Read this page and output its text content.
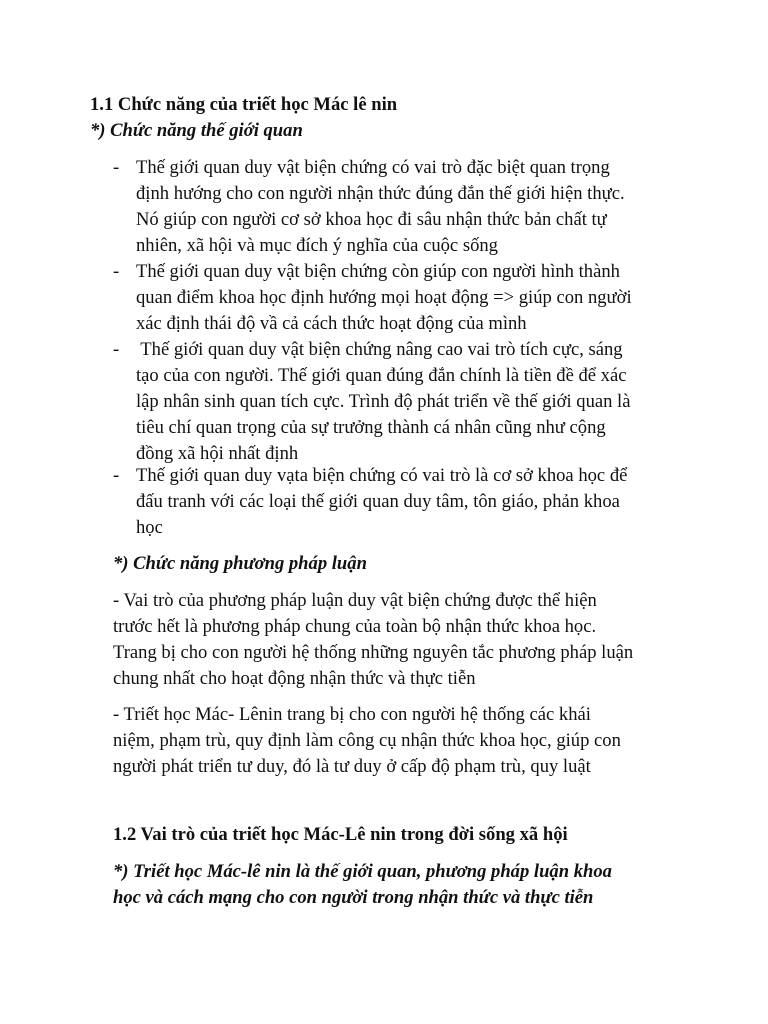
1.1 Chức năng của triết học Mác lê nin
*) Chức năng thế giới quan
- Thế giới quan duy vật biện chứng có vai trò đặc biệt quan trọng
định hướng cho con người nhận thức đúng đắn thế giới hiện thực.
Nó giúp con người cơ sở khoa học đi sâu nhận thức bản chất tự
nhiên, xã hội và mục đích ý nghĩa của cuộc sống
- Thế giới quan duy vật biện chứng còn giúp con người hình thành
quan điểm khoa học định hướng mọi hoạt động => giúp con người
xác định thái độ vầ cả cách thức hoạt động của mình
- Thế giới quan duy vật biện chứng nâng cao vai trò tích cực, sáng
tạo của con người. Thế giới quan đúng đắn chính là tiền đề để xác
lập nhân sinh quan tích cực. Trình độ phát triển về thế giới quan là
tiêu chí quan trọng của sự trưởng thành cá nhân cũng như cộng
đồng xã hội nhất định
- Thế giới quan duy vạta biện chứng có vai trò là cơ sở khoa học để
đấu tranh với các loại thế giới quan duy tâm, tôn giáo, phản khoa
học
*) Chức năng phương pháp luận
- Vai trò của phương pháp luận duy vật biện chứng được thể hiện
trước hết là phương pháp chung của toàn bộ nhận thức khoa học.
Trang bị cho con người hệ thống những nguyên tắc phương pháp luận
chung nhất cho hoạt động nhận thức và thực tiễn
- Triết học Mác- Lênin trang bị cho con người hệ thống các khái
niệm, phạm trù, quy định làm công cụ nhận thức khoa học, giúp con
người phát triển tư duy, đó là tư duy ở cấp độ phạm trù, quy luật
1.2 Vai trò của triết học Mác-Lê nin trong đời sống xã hội
*) Triết học Mác-lê nin là thế giới quan, phương pháp luận khoa
học và cách mạng cho con người trong nhận thức và thực tiễn
